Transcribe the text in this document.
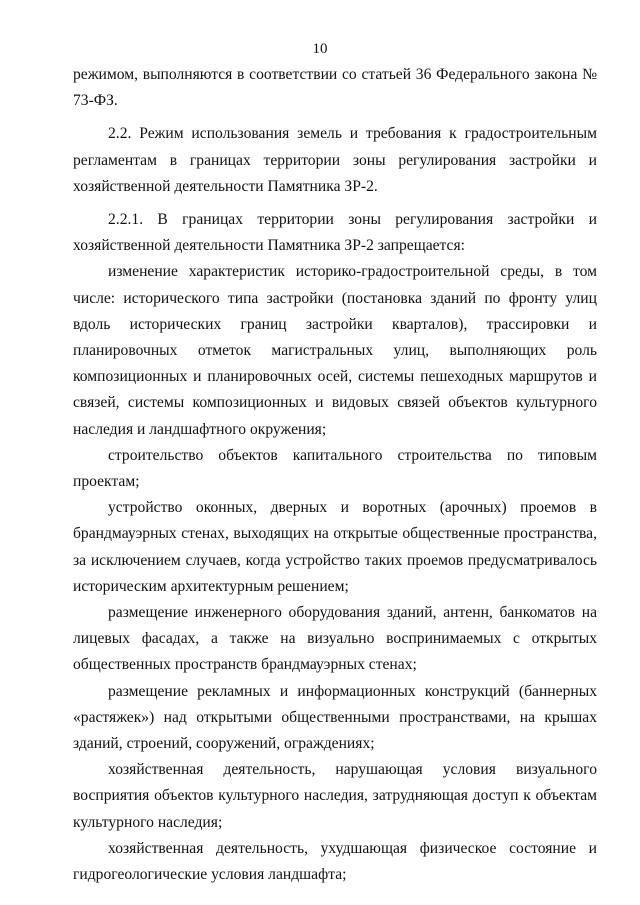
10

режимом, выполняются в соответствии со статьей 36 Федерального закона № 73-ФЗ.

2.2. Режим использования земель и требования к градостроительным регламентам в границах территории зоны регулирования застройки и хозяйственной деятельности Памятника ЗР-2.

2.2.1. В границах территории зоны регулирования застройки и хозяйственной деятельности Памятника ЗР-2 запрещается:

изменение характеристик историко-градостроительной среды, в том числе: исторического типа застройки (постановка зданий по фронту улиц вдоль исторических границ застройки кварталов), трассировки и планировочных отметок магистральных улиц, выполняющих роль композиционных и планировочных осей, системы пешеходных маршрутов и связей, системы композиционных и видовых связей объектов культурного наследия и ландшафтного окружения;

строительство объектов капитального строительства по типовым проектам;

устройство оконных, дверных и воротных (арочных) проемов в брандмауэрных стенах, выходящих на открытые общественные пространства, за исключением случаев, когда устройство таких проемов предусматривалось историческим архитектурным решением;

размещение инженерного оборудования зданий, антенн, банкоматов на лицевых фасадах, а также на визуально воспринимаемых с открытых общественных пространств брандмауэрных стенах;

размещение рекламных и информационных конструкций (баннерных «растяжек») над открытыми общественными пространствами, на крышах зданий, строений, сооружений, ограждениях;

хозяйственная деятельность, нарушающая условия визуального восприятия объектов культурного наследия, затрудняющая доступ к объектам культурного наследия;

хозяйственная деятельность, ухудшающая физическое состояние и гидрогеологические условия ландшафта;
